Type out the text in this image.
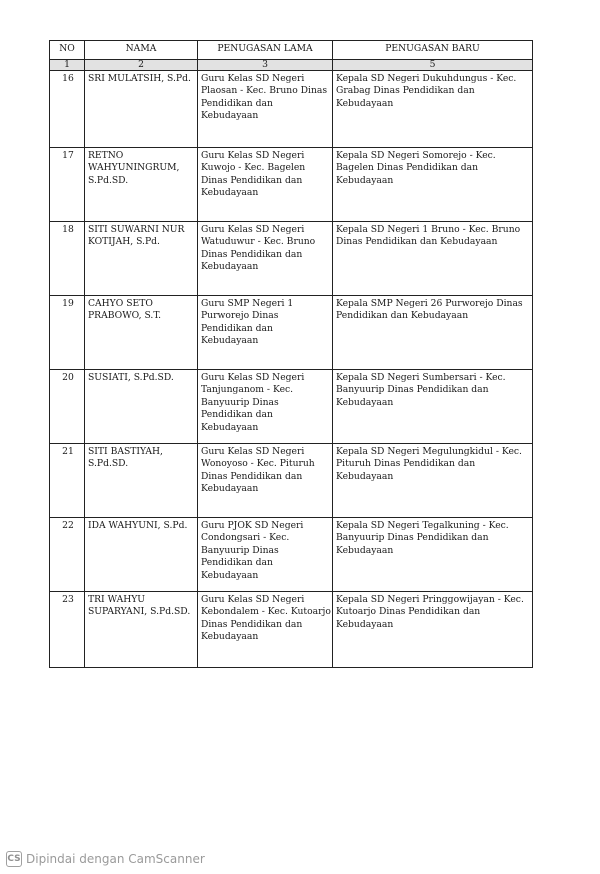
NO	NAMA	PENUGASAN LAMA	PENUGASAN BARU
1	2	3	5
16	SRI MULATSIH, S.Pd.	Guru Kelas SD Negeri Plaosan - Kec. Bruno Dinas Pendidikan dan Kebudayaan	Kepala SD Negeri Dukuhdungus - Kec. Grabag Dinas Pendidikan dan Kebudayaan
17	RETNO WAHYUNINGRUM, S.Pd.SD.	Guru Kelas SD Negeri Kuwojo - Kec. Bagelen Dinas Pendidikan dan Kebudayaan	Kepala SD Negeri Somorejo - Kec. Bagelen Dinas Pendidikan dan Kebudayaan
18	SITI SUWARNI NUR KOTIJAH, S.Pd.	Guru Kelas SD Negeri Watuduwur - Kec. Bruno Dinas Pendidikan dan Kebudayaan	Kepala SD Negeri 1 Bruno - Kec. Bruno Dinas Pendidikan dan Kebudayaan
19	CAHYO SETO PRABOWO, S.T.	Guru SMP Negeri 1 Purworejo Dinas Pendidikan dan Kebudayaan	Kepala SMP Negeri 26 Purworejo Dinas Pendidikan dan Kebudayaan
20	SUSIATI, S.Pd.SD.	Guru Kelas SD Negeri Tanjunganom - Kec. Banyuurip Dinas Pendidikan dan Kebudayaan	Kepala SD Negeri Sumbersari - Kec. Banyuurip Dinas Pendidikan dan Kebudayaan
21	SITI BASTIYAH, S.Pd.SD.	Guru Kelas SD Negeri Wonoyoso - Kec. Pituruh Dinas Pendidikan dan Kebudayaan	Kepala SD Negeri Megulungkidul - Kec. Pituruh Dinas Pendidikan dan Kebudayaan
22	IDA WAHYUNI, S.Pd.	Guru PJOK SD Negeri Condongsari - Kec. Banyuurip Dinas Pendidikan dan Kebudayaan	Kepala SD Negeri Tegalkuning - Kec. Banyuurip Dinas Pendidikan dan Kebudayaan
23	TRI WAHYU SUPARYANI, S.Pd.SD.	Guru Kelas SD Negeri Kebondalem - Kec. Kutoarjo Dinas Pendidikan dan Kebudayaan	Kepala SD Negeri Pringgowijayan - Kec. Kutoarjo Dinas Pendidikan dan Kebudayaan
CS Dipindai dengan CamScanner
